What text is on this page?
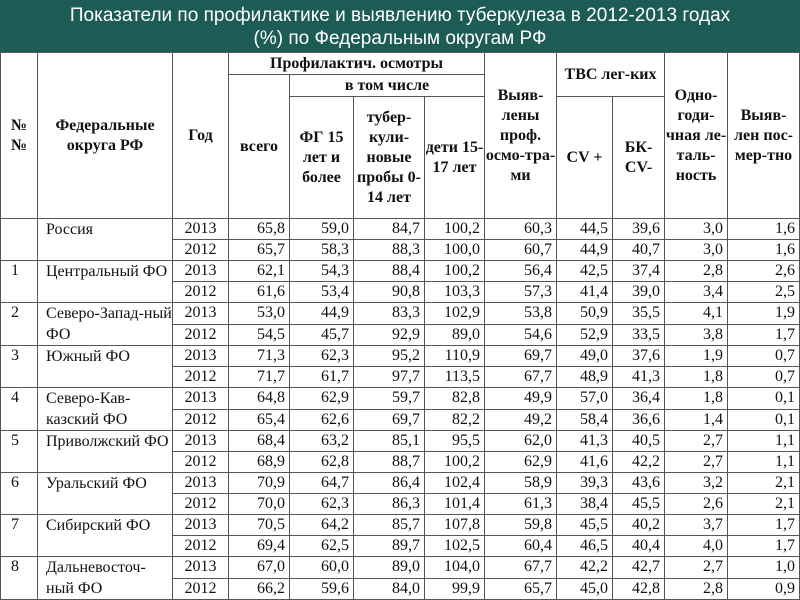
Показатели по профилактике и выявлению туберкулеза в 2012-2013 годах
(%) по Федеральным округам РФ
№ №	Федеральные округа РФ	Год	Профилактич. осмотры				Выяв-лены проф. осмо-тра-ми	ТВС лег-ких		Одно-годи-чная ле-таль-ность	Выяв-лен пос-мер-тно
			всего	в том числе							
				ФГ 15 лет и более	тубер-кули-новые пробы 0-14 лет	дети 15-17 лет		CV +	БК-CV-		
	Россия	2013	65,8	59,0	84,7	100,2	60,3	44,5	39,6	3,0	1,6
		2012	65,7	58,3	88,3	100,0	60,7	44,9	40,7	3,0	1,6
1	Центральный ФО	2013	62,1	54,3	88,4	100,2	56,4	42,5	37,4	2,8	2,6
		2012	61,6	53,4	90,8	103,3	57,3	41,4	39,0	3,4	2,5
2	Северо-Запад-ный ФО	2013	53,0	44,9	83,3	102,9	53,8	50,9	35,5	4,1	1,9
		2012	54,5	45,7	92,9	89,0	54,6	52,9	33,5	3,8	1,7
3	Южный ФО	2013	71,3	62,3	95,2	110,9	69,7	49,0	37,6	1,9	0,7
		2012	71,7	61,7	97,7	113,5	67,7	48,9	41,3	1,8	0,7
4	Северо-Кав-казский ФО	2013	64,8	62,9	59,7	82,8	49,9	57,0	36,4	1,8	0,1
		2012	65,4	62,6	69,7	82,2	49,2	58,4	36,6	1,4	0,1
5	Приволжский ФО	2013	68,4	63,2	85,1	95,5	62,0	41,3	40,5	2,7	1,1
		2012	68,9	62,8	88,7	100,2	62,9	41,6	42,2	2,7	1,1
6	Уральский ФО	2013	70,9	64,7	86,4	102,4	58,9	39,3	43,6	3,2	2,1
		2012	70,0	62,3	86,3	101,4	61,3	38,4	45,5	2,6	2,1
7	Сибирский ФО	2013	70,5	64,2	85,7	107,8	59,8	45,5	40,2	3,7	1,7
		2012	69,4	62,5	89,7	102,5	60,4	46,5	40,4	4,0	1,7
8	Дальневосточ-ный ФО	2013	67,0	60,0	89,0	104,0	67,7	42,2	42,7	2,7	1,0
		2012	66,2	59,6	84,0	99,9	65,7	45,0	42,8	2,8	0,9
